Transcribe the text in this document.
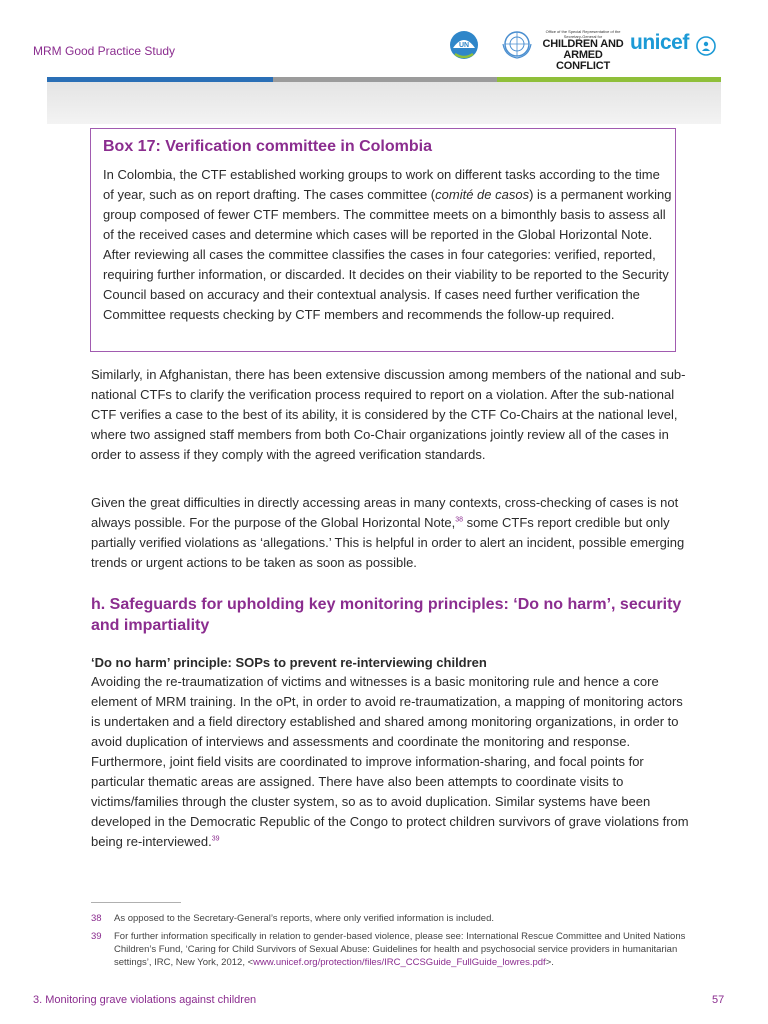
MRM Good Practice Study	UN
Office of the Special Representative of the Secretary-General for
CHILDREN AND
ARMED CONFLICT
unicef
Box 17: Verification committee in Colombia
In Colombia, the CTF established working groups to work on different tasks according to the time of year, such as on report drafting. The cases committee (comité de casos) is a permanent working group composed of fewer CTF members. The committee meets on a bimonthly basis to assess all of the received cases and determine which cases will be reported in the Global Horizontal Note. After reviewing all cases the committee classifies the cases in four categories: verified, reported, requiring further information, or discarded. It decides on their viability to be reported to the Security Council based on accuracy and their contextual analysis. If cases need further verification the Committee requests checking by CTF members and recommends the follow-up required.
Similarly, in Afghanistan, there has been extensive discussion among members of the national and sub-national CTFs to clarify the verification process required to report on a violation. After the sub-national CTF verifies a case to the best of its ability, it is considered by the CTF Co-Chairs at the national level, where two assigned staff members from both Co-Chair organizations jointly review all of the cases in order to assess if they comply with the agreed verification standards.
Given the great difficulties in directly accessing areas in many contexts, cross-checking of cases is not always possible. For the purpose of the Global Horizontal Note,$^{38}$ some CTFs report credible but only partially verified violations as ‘allegations.’ This is helpful in order to alert an incident, possible emerging trends or urgent actions to be taken as soon as possible.
h. Safeguards for upholding key monitoring principles: ‘Do no harm’, security and impartiality
‘Do no harm’ principle: SOPs to prevent re-interviewing children
Avoiding the re-traumatization of victims and witnesses is a basic monitoring rule and hence a core element of MRM training. In the oPt, in order to avoid re-traumatization, a mapping of monitoring actors is undertaken and a field directory established and shared among monitoring organizations, in order to avoid duplication of interviews and assessments and coordinate the monitoring and response. Furthermore, joint field visits are coordinated to improve information-sharing, and focal points for particular thematic areas are assigned. There have also been attempts to coordinate visits to victims/families through the cluster system, so as to avoid duplication. Similar systems have been developed in the Democratic Republic of the Congo to protect children survivors of grave violations from being re-interviewed.$^{39}$
38 As opposed to the Secretary-General’s reports, where only verified information is included.
39 For further information specifically in relation to gender-based violence, please see: International Rescue Committee and United Nations Children’s Fund, ‘Caring for Child Survivors of Sexual Abuse: Guidelines for health and psychosocial service providers in humanitarian settings’, IRC, New York, 2012, <www.unicef.org/protection/files/IRC_CCSGuide_FullGuide_lowres.pdf>.
3. Monitoring grave violations against children	57
